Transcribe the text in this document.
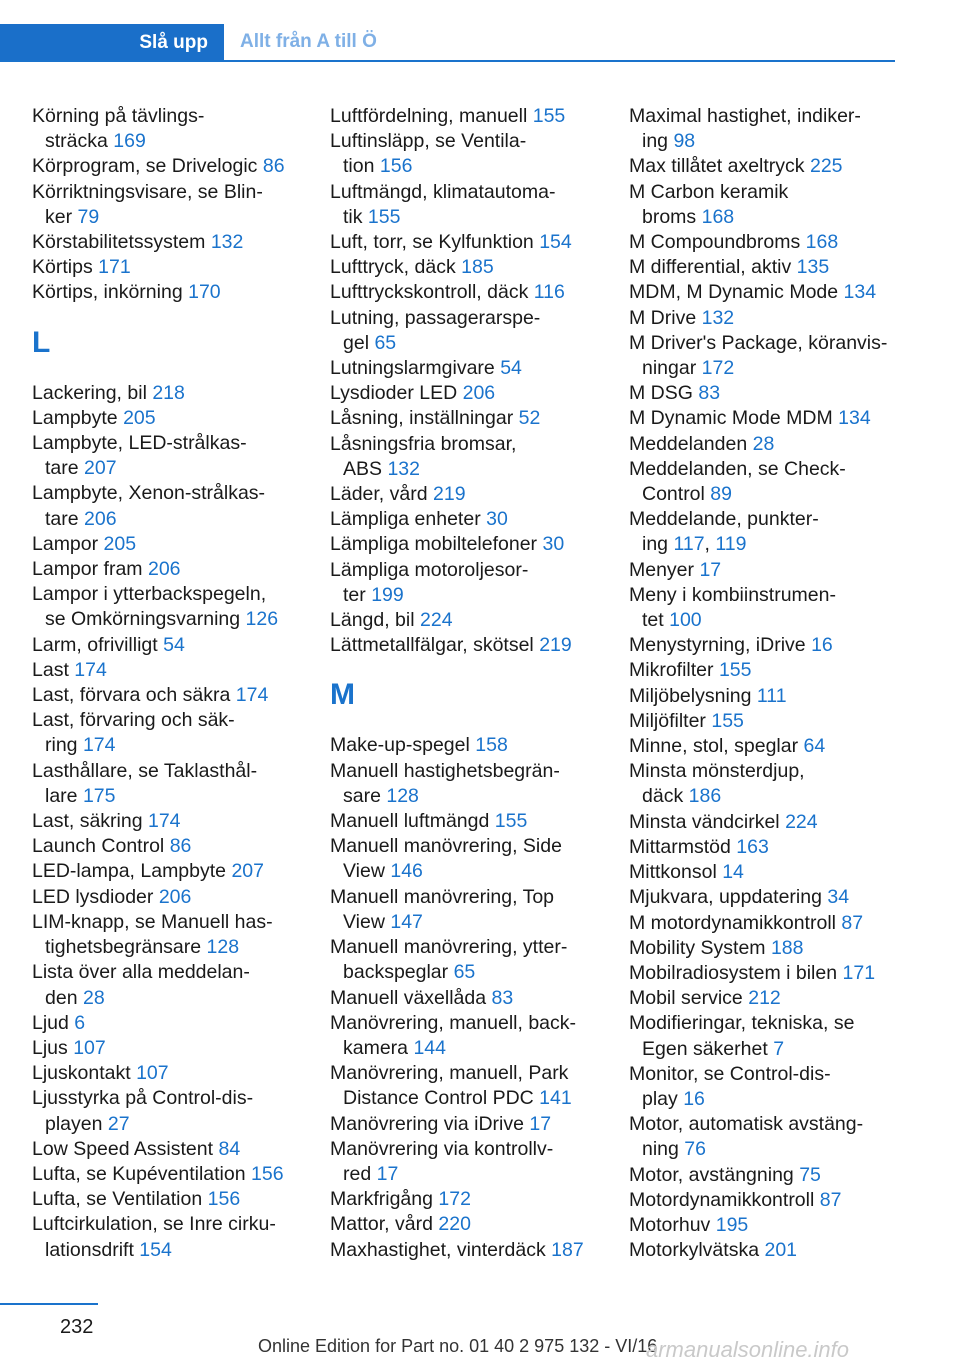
Slå upp Allt från A till Ö
Körning på tävlings-
sträcka 169
Körprogram, se Drivelogic 86
Körriktningsvisare, se Blin-
ker 79
Körstabilitetssystem 132
Körtips 171
Körtips, inkörning 170
L
Lackering, bil 218
Lampbyte 205
Lampbyte, LED-strålkas-
tare 207
Lampbyte, Xenon-strålkas-
tare 206
Lampor 205
Lampor fram 206
Lampor i ytterbackspegeln,
se Omkörningsvarning 126
Larm, ofrivilligt 54
Last 174
Last, förvara och säkra 174
Last, förvaring och säk-
ring 174
Lasthållare, se Taklasthål-
lare 175
Last, säkring 174
Launch Control 86
LED-lampa, Lampbyte 207
LED lysdioder 206
LIM-knapp, se Manuell has-
tighetsbegränsare 128
Lista över alla meddelan-
den 28
Ljud 6
Ljus 107
Ljuskontakt 107
Ljusstyrka på Control-dis-
playen 27
Low Speed Assistent 84
Lufta, se Kupéventilation 156
Lufta, se Ventilation 156
Luftcirkulation, se Inre cirku-
lationsdrift 154
Luftfördelning, manuell 155
Luftinsläpp, se Ventila-
tion 156
Luftmängd, klimatautoma-
tik 155
Luft, torr, se Kylfunktion 154
Lufttryck, däck 185
Lufttryckskontroll, däck 116
Lutning, passagerarspe-
gel 65
Lutningslarmgivare 54
Lysdioder LED 206
Låsning, inställningar 52
Låsningsfria bromsar,
ABS 132
Läder, vård 219
Lämpliga enheter 30
Lämpliga mobiltelefoner 30
Lämpliga motoroljesor-
ter 199
Längd, bil 224
Lättmetallfälgar, skötsel 219
M
Make-up-spegel 158
Manuell hastighetsbegrän-
sare 128
Manuell luftmängd 155
Manuell manövrering, Side
View 146
Manuell manövrering, Top
View 147
Manuell manövrering, ytter-
backspeglar 65
Manuell växellåda 83
Manövrering, manuell, back-
kamera 144
Manövrering, manuell, Park
Distance Control PDC 141
Manövrering via iDrive 17
Manövrering via kontrollv-
red 17
Markfrigång 172
Mattor, vård 220
Maxhastighet, vinterdäck 187
Maximal hastighet, indiker-
ing 98
Max tillåtet axeltryck 225
M Carbon keramik
broms 168
M Compoundbroms 168
M differential, aktiv 135
MDM, M Dynamic Mode 134
M Drive 132
M Driver's Package, köranvis-
ningar 172
M DSG 83
M Dynamic Mode MDM 134
Meddelanden 28
Meddelanden, se Check-
Control 89
Meddelande, punkter-
ing 117, 119
Menyer 17
Meny i kombiinstrumen-
tet 100
Menystyrning, iDrive 16
Mikrofilter 155
Miljöbelysning 111
Miljöfilter 155
Minne, stol, speglar 64
Minsta mönsterdjup,
däck 186
Minsta vändcirkel 224
Mittarmstöd 163
Mittkonsol 14
Mjukvara, uppdatering 34
M motordynamikkontroll 87
Mobility System 188
Mobilradiosystem i bilen 171
Mobil service 212
Modifieringar, tekniska, se
Egen säkerhet 7
Monitor, se Control-dis-
play 16
Motor, automatisk avstäng-
ning 76
Motor, avstängning 75
Motordynamikkontroll 87
Motorhuv 195
Motorkylvätska 201
232
Online Edition for Part no. 01 40 2 975 132 - VI/16
armanualsonline.info
